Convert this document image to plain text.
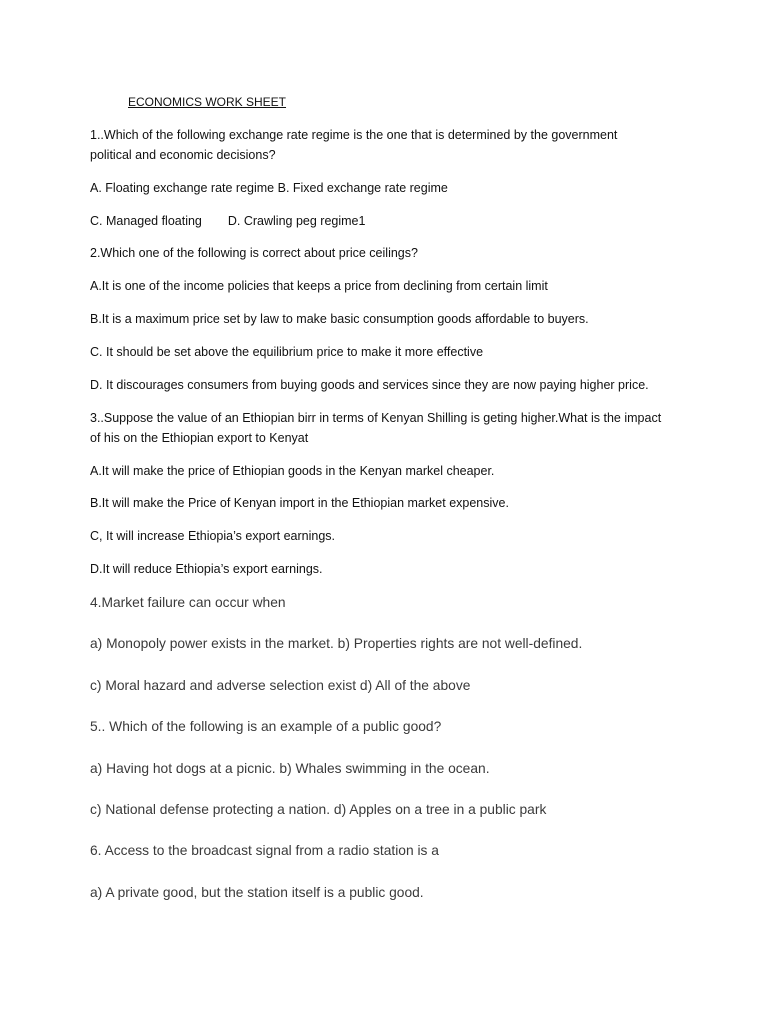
ECONOMICS WORK SHEET
1..Which of the following exchange rate regime is the one that is determined by the government
political and economic decisions?
A. Floating exchange rate regime B. Fixed exchange rate regime
C. Managed floating D. Crawling peg regime1
2.Which one of the following is correct about price ceilings?
A.It is one of the income policies that keeps a price from declining from certain limit
B.It is a maximum price set by law to make basic consumption goods affordable to buyers.
C. It should be set above the equilibrium price to make it more effective
D. It discourages consumers from buying goods and services since they are now paying higher price.
3..Suppose the value of an Ethiopian birr in terms of Kenyan Shilling is geting higher.What is the impact
of his on the Ethiopian export to Kenyat
A.It will make the price of Ethiopian goods in the Kenyan markel cheaper.
B.It will make the Price of Kenyan import in the Ethiopian market expensive.
C, It will increase Ethiopia’s export earnings.
D.It will reduce Ethiopia’s export earnings.
4.Market failure can occur when
a) Monopoly power exists in the market. b) Properties rights are not well-defined.
c) Moral hazard and adverse selection exist d) All of the above
5.. Which of the following is an example of a public good?
a) Having hot dogs at a picnic. b) Whales swimming in the ocean.
c) National defense protecting a nation. d) Apples on a tree in a public park
6. Access to the broadcast signal from a radio station is a
a) A private good, but the station itself is a public good.
